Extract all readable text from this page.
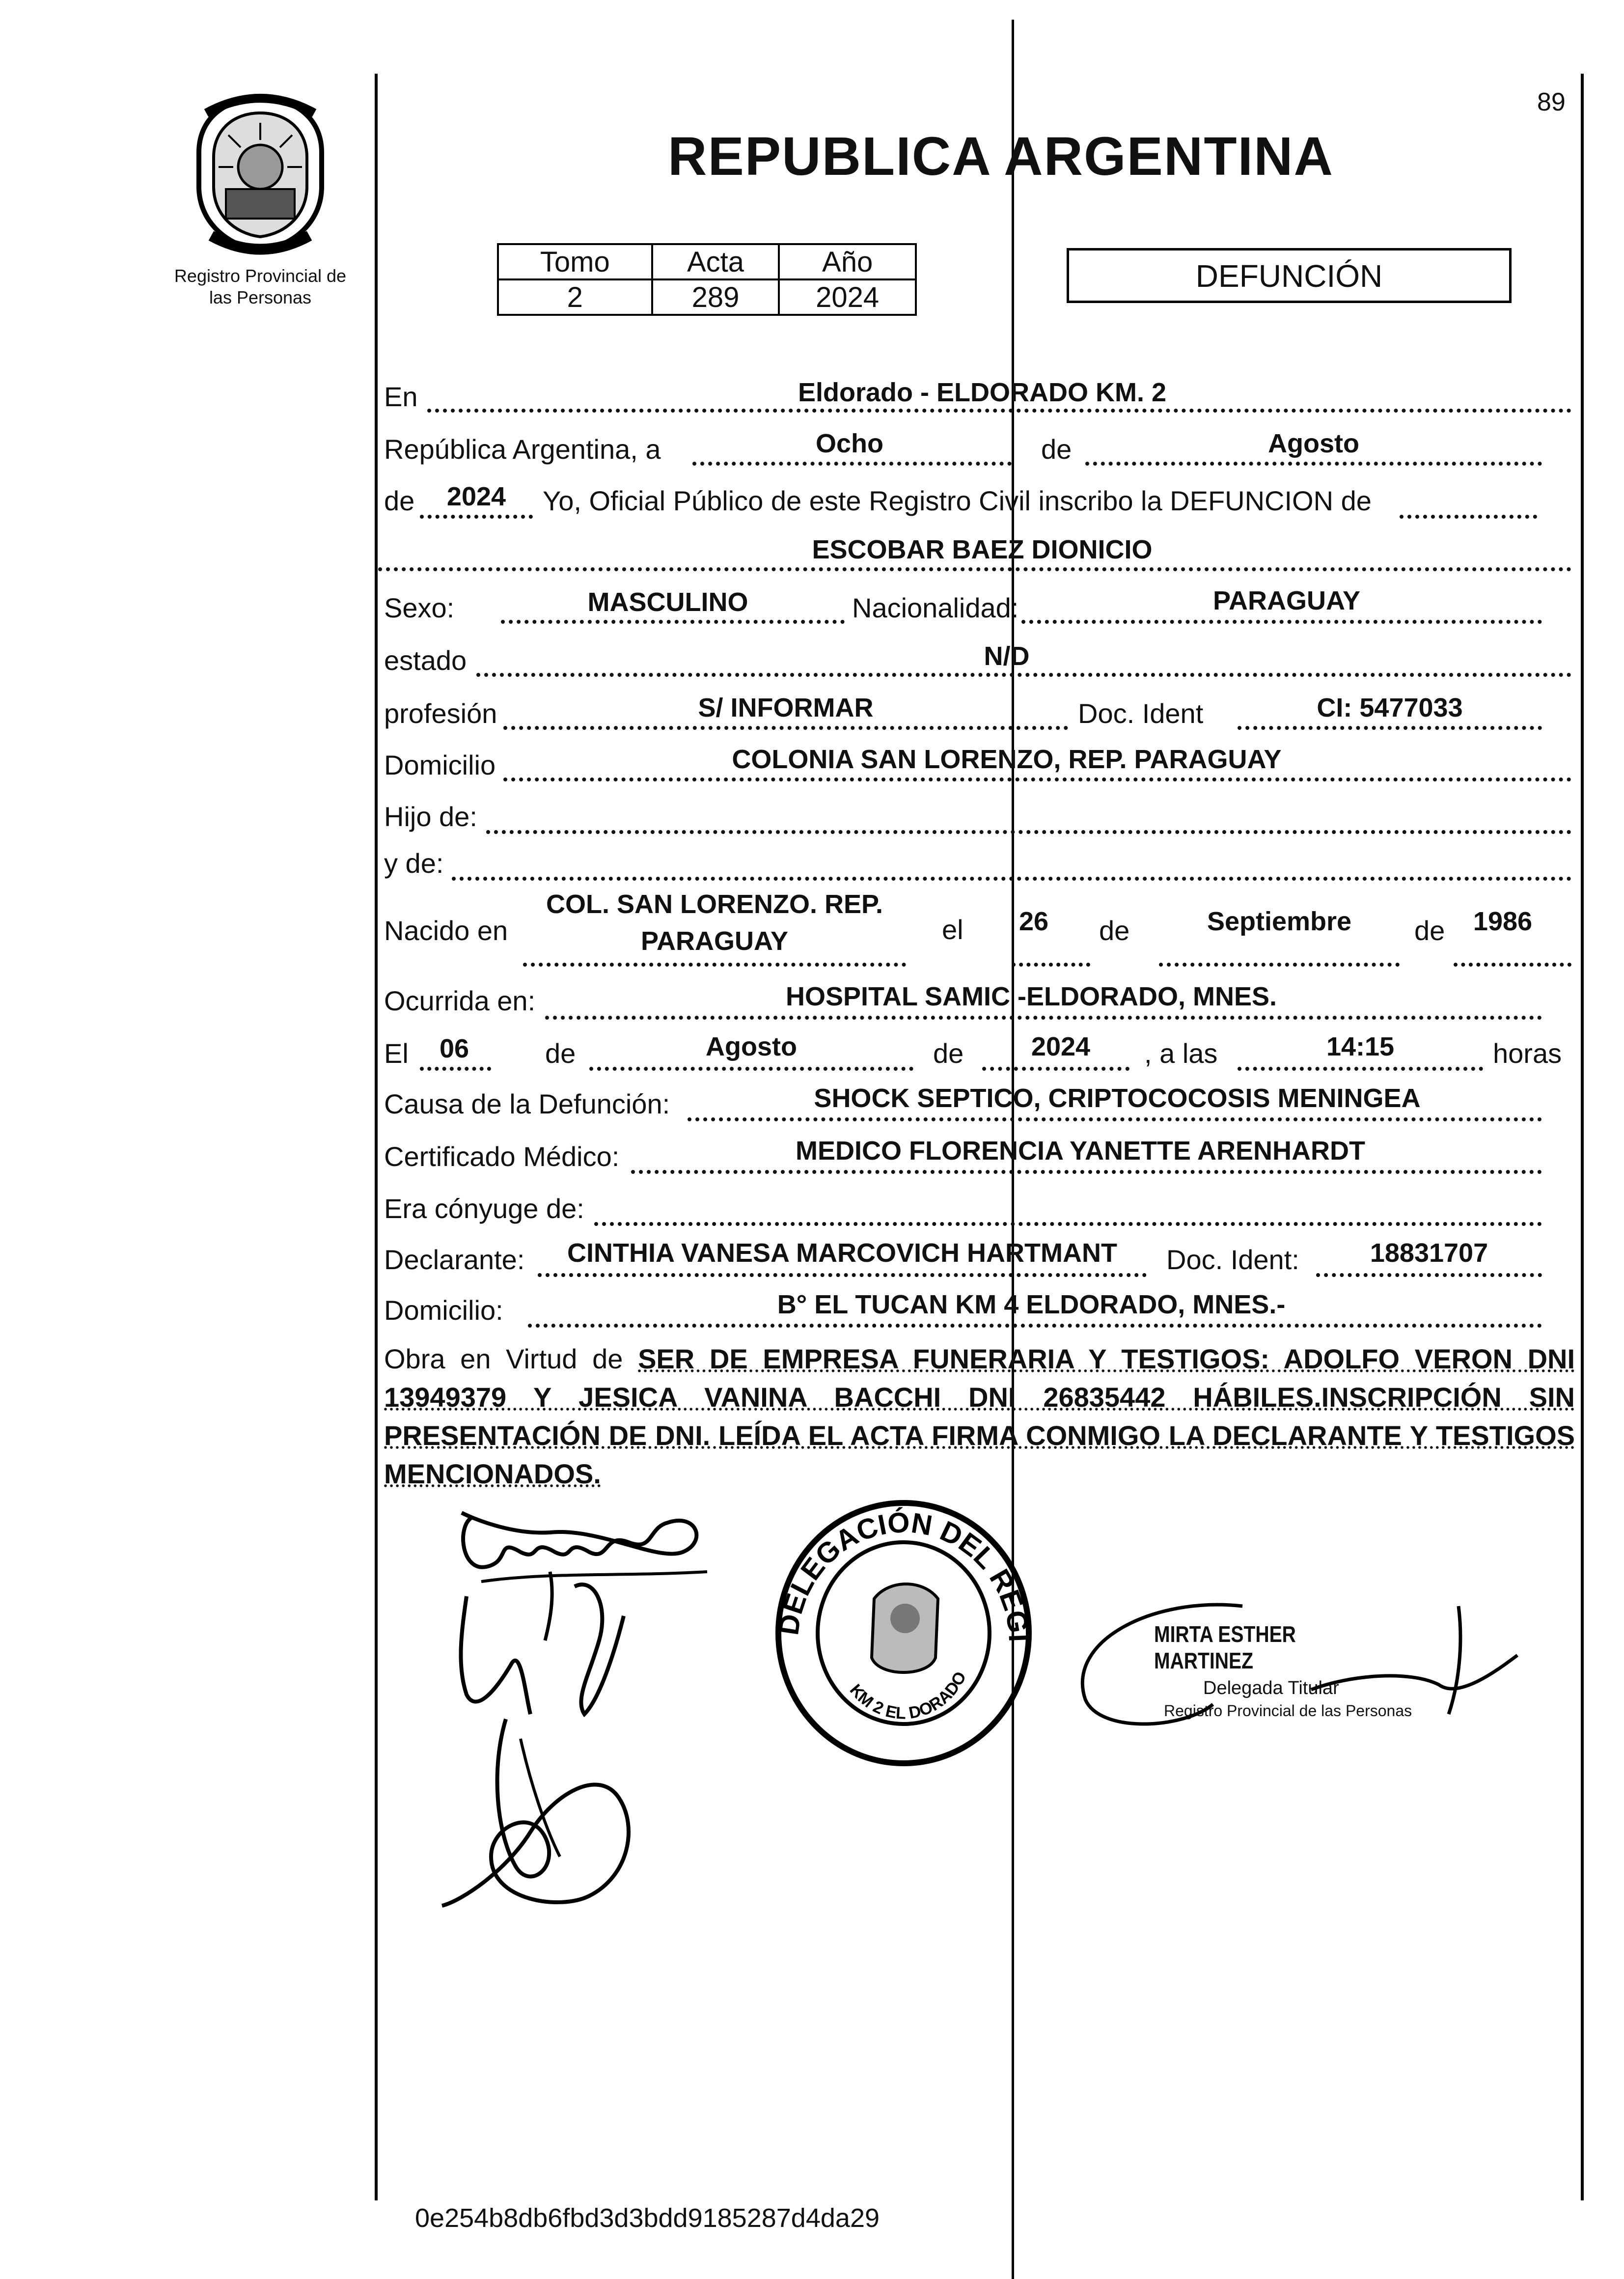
89
Registro Provincial de
las Personas
REPUBLICA ARGENTINA
Tomo	Acta	Año
2	289	2024
DEFUNCIÓN
En	Eldorado - ELDORADO KM. 2
República Argentina, a	Ocho	de	Agosto
de	2024	Yo, Oficial Público de este Registro Civil inscribo la DEFUNCION de
ESCOBAR BAEZ DIONICIO
Sexo:	MASCULINO	Nacionalidad:	PARAGUAY
estado	N/D
profesión	S/ INFORMAR	Doc. Ident	CI: 5477033
Domicilio	COLONIA SAN LORENZO, REP. PARAGUAY
Hijo de:
y de:
Nacido en
COL. SAN LORENZO. REP.
PARAGUAY	el	26	de	Septiembre	de	1986
Ocurrida en:	HOSPITAL SAMIC -ELDORADO, MNES.
El	06	de	Agosto	de	2024	, a las	14:15	horas
Causa de la Defunción:	SHOCK SEPTICO, CRIPTOCOCOSIS MENINGEA
Certificado Médico:	MEDICO FLORENCIA YANETTE ARENHARDT
Era cónyuge de:
Declarante:	CINTHIA VANESA MARCOVICH HARTMANT	Doc. Ident:	18831707
Domicilio:	B° EL TUCAN KM 4 ELDORADO, MNES.-
Obra en Virtud de SER DE EMPRESA FUNERARIA Y TESTIGOS: ADOLFO VERON DNI 13949379 Y JESICA VANINA BACCHI DNI 26835442 HÁBILES.INSCRIPCIÓN SIN PRESENTACIÓN DE DNI. LEÍDA EL ACTA FIRMA CONMIGO LA DECLARANTE Y TESTIGOS MENCIONADOS.
DELEGACIÓN DEL REGI
KM 2 EL DORADO
MIRTA ESTHER MARTINEZ
Delegada Titular
Registro Provincial de las Personas
0e254b8db6fbd3d3bdd9185287d4da29
